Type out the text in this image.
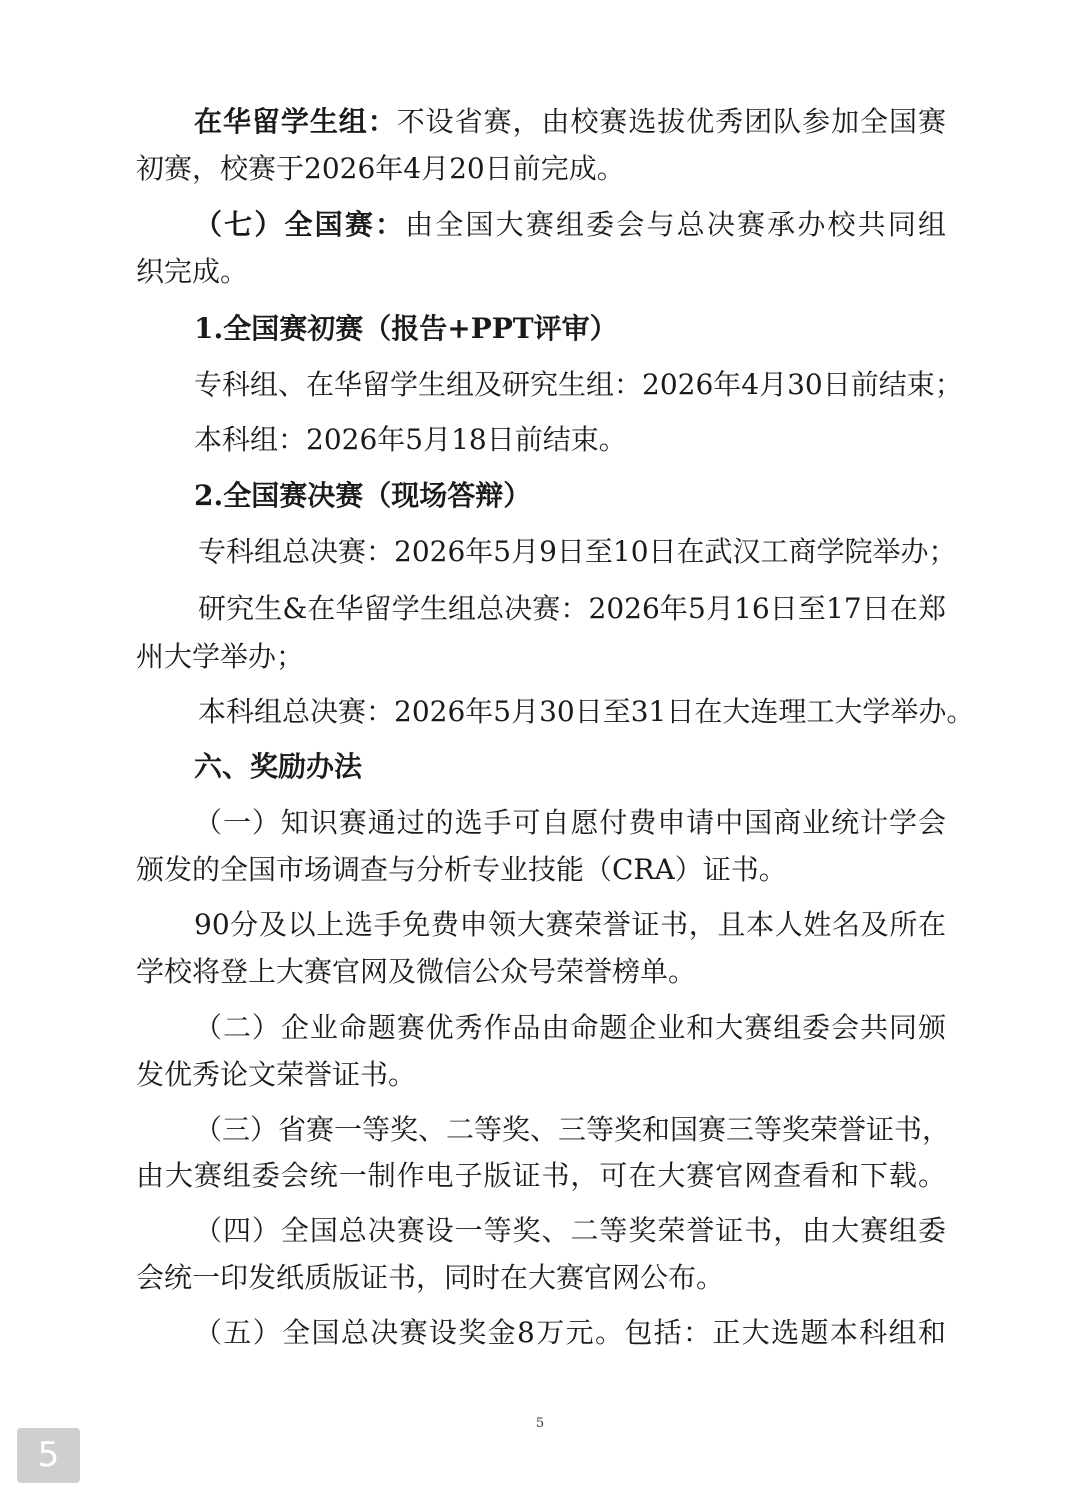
在华留学生组：不设省赛，由校赛选拔优秀团队参加全国赛
初赛，校赛于2026年4月20日前完成。
（七）全国赛：由全国大赛组委会与总决赛承办校共同组
织完成。
1.全国赛初赛（报告+PPT评审）
专科组、在华留学生组及研究生组：2026年4月30日前结束；
本科组：2026年5月18日前结束。
2.全国赛决赛（现场答辩）
专科组总决赛：2026年5月9日至10日在武汉工商学院举办；
研究生&在华留学生组总决赛：2026年5月16日至17日在郑
州大学举办；
本科组总决赛：2026年5月30日至31日在大连理工大学举办。
六、奖励办法
（一）知识赛通过的选手可自愿付费申请中国商业统计学会
颁发的全国市场调查与分析专业技能（CRA）证书。
90分及以上选手免费申领大赛荣誉证书，且本人姓名及所在
学校将登上大赛官网及微信公众号荣誉榜单。
（二）企业命题赛优秀作品由命题企业和大赛组委会共同颁
发优秀论文荣誉证书。
（三）省赛一等奖、二等奖、三等奖和国赛三等奖荣誉证书，
由大赛组委会统一制作电子版证书，可在大赛官网查看和下载。
（四）全国总决赛设一等奖、二等奖荣誉证书，由大赛组委
会统一印发纸质版证书，同时在大赛官网公布。
（五）全国总决赛设奖金8万元。包括：正大选题本科组和
5
5
